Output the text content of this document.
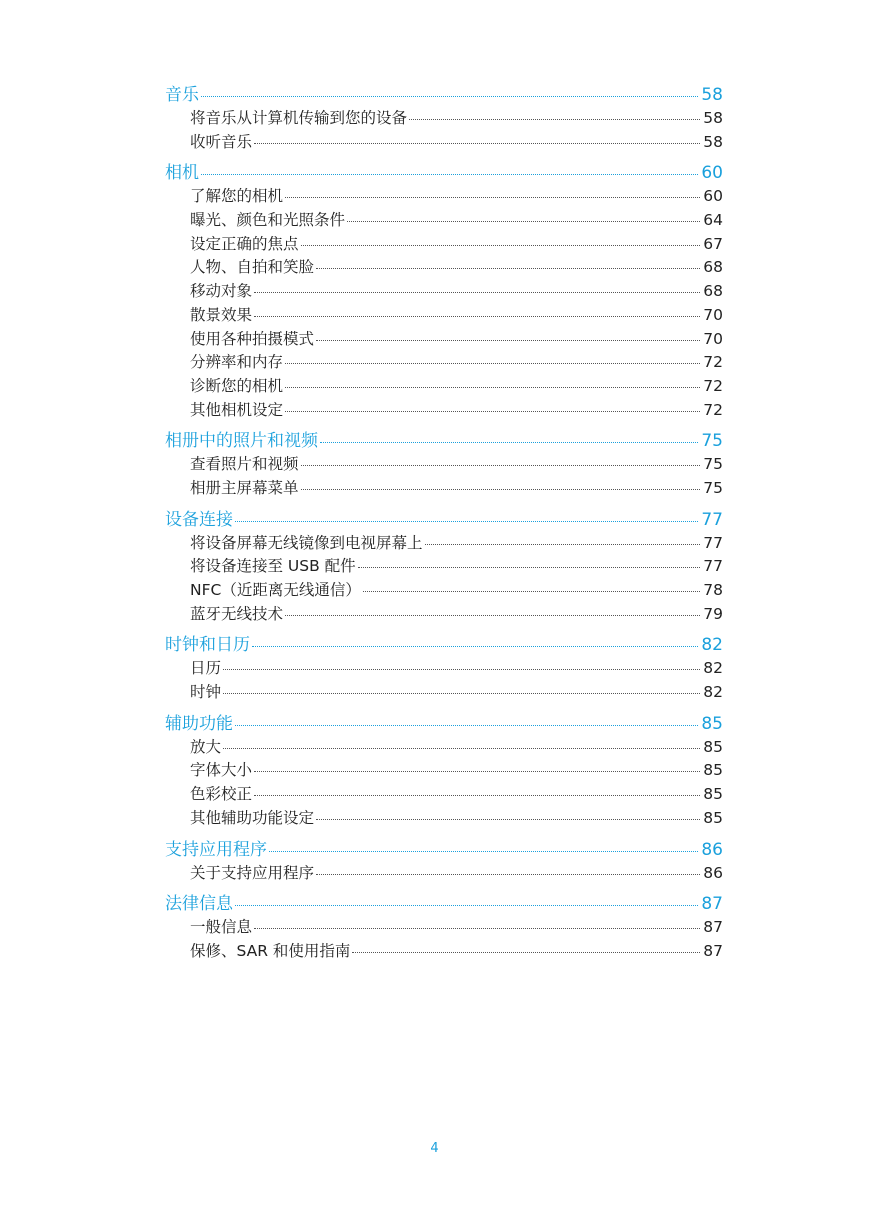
音乐	58
将音乐从计算机传输到您的设备	58
收听音乐	58
相机	60
了解您的相机	60
曝光、颜色和光照条件	64
设定正确的焦点	67
人物、自拍和笑脸	68
移动对象	68
散景效果	70
使用各种拍摄模式	70
分辨率和内存	72
诊断您的相机	72
其他相机设定	72
相册中的照片和视频	75
查看照片和视频	75
相册主屏幕菜单	75
设备连接	77
将设备屏幕无线镜像到电视屏幕上	77
将设备连接至 USB 配件	77
NFC（近距离无线通信）	78
蓝牙无线技术	79
时钟和日历	82
日历	82
时钟	82
辅助功能	85
放大	85
字体大小	85
色彩校正	85
其他辅助功能设定	85
支持应用程序	86
关于支持应用程序	86
法律信息	87
一般信息	87
保修、SAR 和使用指南	87
4
